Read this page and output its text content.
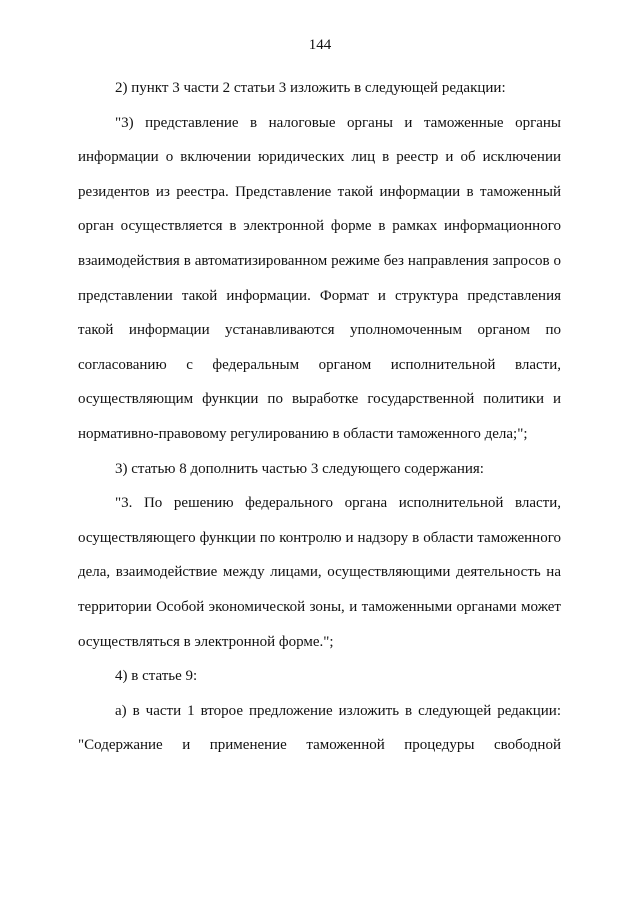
144

2) пункт 3 части 2 статьи 3 изложить в следующей редакции:

"3) представление в налоговые органы и таможенные органы информации о включении юридических лиц в реестр и об исключении резидентов из реестра. Представление такой информации в таможенный орган осуществляется в электронной форме в рамках информационного взаимодействия в автоматизированном режиме без направления запросов о представлении такой информации. Формат и структура представления такой информации устанавливаются уполномоченным органом по согласованию с федеральным органом исполнительной власти, осуществляющим функции по выработке государственной политики и нормативно-правовому регулированию в области таможенного дела;";

3) статью 8 дополнить частью 3 следующего содержания:

"3. По решению федерального органа исполнительной власти, осуществляющего функции по контролю и надзору в области таможенного дела, взаимодействие между лицами, осуществляющими деятельность на территории Особой экономической зоны, и таможенными органами может осуществляться в электронной форме.";

4) в статье 9:

а) в части 1 второе предложение изложить в следующей редакции: "Содержание и применение таможенной процедуры свободной
